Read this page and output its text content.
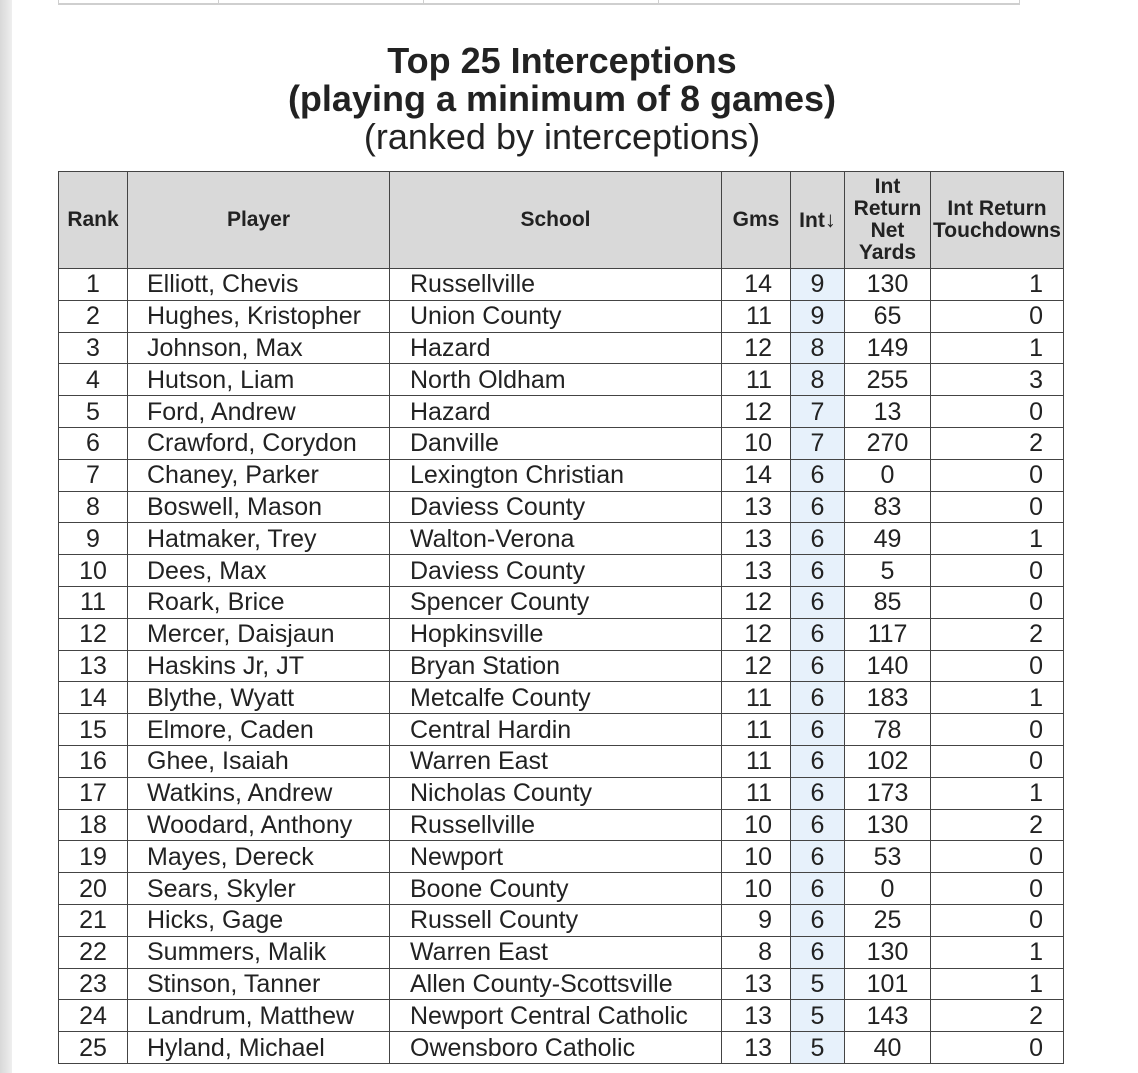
Top 25 Interceptions
(playing a minimum of 8 games)
(ranked by interceptions)
Rank	Player	School	Gms	Int↓	Int Return Net Yards	Int Return Touchdowns
1	Elliott, Chevis	Russellville	14	9	130	1
2	Hughes, Kristopher	Union County	11	9	65	0
3	Johnson, Max	Hazard	12	8	149	1
4	Hutson, Liam	North Oldham	11	8	255	3
5	Ford, Andrew	Hazard	12	7	13	0
6	Crawford, Corydon	Danville	10	7	270	2
7	Chaney, Parker	Lexington Christian	14	6	0	0
8	Boswell, Mason	Daviess County	13	6	83	0
9	Hatmaker, Trey	Walton-Verona	13	6	49	1
10	Dees, Max	Daviess County	13	6	5	0
11	Roark, Brice	Spencer County	12	6	85	0
12	Mercer, Daisjaun	Hopkinsville	12	6	117	2
13	Haskins Jr, JT	Bryan Station	12	6	140	0
14	Blythe, Wyatt	Metcalfe County	11	6	183	1
15	Elmore, Caden	Central Hardin	11	6	78	0
16	Ghee, Isaiah	Warren East	11	6	102	0
17	Watkins, Andrew	Nicholas County	11	6	173	1
18	Woodard, Anthony	Russellville	10	6	130	2
19	Mayes, Dereck	Newport	10	6	53	0
20	Sears, Skyler	Boone County	10	6	0	0
21	Hicks, Gage	Russell County	9	6	25	0
22	Summers, Malik	Warren East	8	6	130	1
23	Stinson, Tanner	Allen County-Scottsville	13	5	101	1
24	Landrum, Matthew	Newport Central Catholic	13	5	143	2
25	Hyland, Michael	Owensboro Catholic	13	5	40	0
